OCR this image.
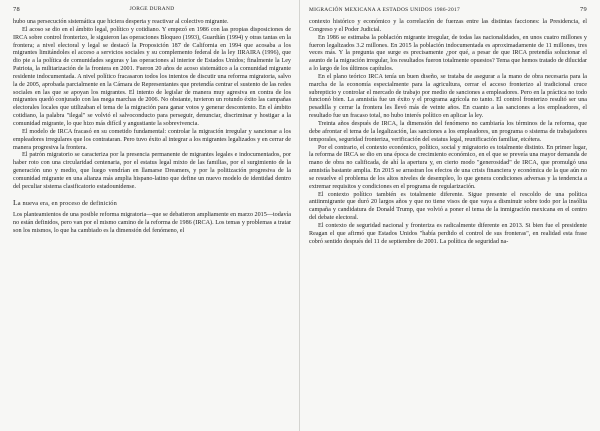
78	JORGE DURAND

hubo una persecución sistemática que hiciera desperta y reactivar al colectivo migrante.

El acoso se dio en el ámbito legal, político y cotidiano. Y empezó en 1986 con las propias disposiciones de IRCA sobre control fronterizo, le siguieron las operaciones Bloqueo (1993), Guardián (1994) y otras tantas en la frontera; a nivel electoral y legal se destacó la Proposición 187 de California en 1994 que acosaba a los migrantes limitándoles el acceso a servicios sociales y su complemento federal de la ley IIRAIRA (1996), que dio pie a la política de comunidades seguras y las operaciones al interior de Estados Unidos; finalmente la Ley Patriota, la militarización de la frontera en 2001. Fueron 20 años de acoso sistemático a la comunidad migrante residente indocumentada. A nivel político fracasaron todos los intentos de discutir una reforma migratoria, salvo la de 2005, aprobada parcialmente en la Cámara de Representantes que pretendía centrar el sustento de las redes sociales en las que se apoyan los migrantes. El intento de legislar de manera muy agresiva en contra de los migrantes quedó conjurado con las mega marchas de 2006. No obstante, tuvieron un rotundo éxito las campañas electorales locales que utilizaban el tema de la migración para ganar votos y generar descontento. En el ámbito cotidiano, la palabra "ilegal" se volvió el salvoconducto para perseguir, denunciar, discriminar y hostigar a la comunidad migrante, lo que hizo más difícil y angustiante la sobrevivencia.

El modelo de IRCA fracasó en su cometido fundamental: controlar la migración irregular y sancionar a los empleadores irregulares que los contrataran. Pero tuvo éxito al integrar a los migrantes legalizados y en cerrar de manera progresiva la frontera.

El patrón migratorio se caracteriza por la presencia permanente de migrantes legales e indocumentados, por haber roto con una circularidad centenaria, por el estatus legal mixto de las familias, por el surgimiento de la generación uno y medio, que luego vendrían en llamarse Dreamers, y por la politización progresiva de la comunidad migrante en una alianza más amplia hispano-latino que define un nuevo modelo de identidad dentro del peculiar sistema clasificatorio estadounidense.

La nueva era, en proceso de definición

Los planteamientos de una posible reforma migratoria—que se debatieron ampliamente en marzo 2015—todavía no están definidos, pero van por el mismo camino de la reforma de 1986 (IRCA). Los temas y problemas a tratar son los mismos, lo que ha cambiado es la dimensión del fenómeno, el

MIGRACIÓN MEXICANA A ESTADOS UNIDOS 1986-2017	79

contexto histórico y económico y la correlación de fuerzas entre las distintas facciones: la Presidencia, el Congreso y el Poder Judicial.

En 1986 se estimaba la población migrante irregular, de todas las nacionalidades, en unos cuatro millones y fueron legalizados 3.2 millones. En 2015 la población indocumentada es aproximadamente de 11 millones, tres veces más. Y la pregunta que surge es precisamente ¿por qué, a pesar de que IRCA pretendía solucionar el asunto de la migración irregular, los resultados fueron totalmente opuestos? Tema que hemos tratado de dilucidar a lo largo de los últimos capítulos.

En el plano teórico IRCA tenía un buen diseño, se trataba de asegurar a la mano de obra necesaria para la marcha de la economía especialmente para la agricultura, cerrar el acceso fronterizo al tradicional cruce subrepticio y controlar el mercado de trabajo por medio de sanciones a empleadores. Pero en la práctica no todo funcionó bien. La amnistía fue un éxito y el programa agrícola no tanto. El control fronterizo resultó ser una pesadilla y cerrar la frontera les llevó más de veinte años. En cuanto a las sanciones a los empleadores, el resultado fue un fracaso total, no hubo interés político en aplicar la ley.

Treinta años después de IRCA, la dimensión del fenómeno no cambiaría los términos de la reforma, que debe afrontar el tema de la legalización, las sanciones a los empleadores, un programa o sistema de trabajadores temporales, seguridad fronteriza, verificación del estatus legal, reunificación familiar, etcétera.

Por el contrario, el contexto económico, político, social y migratorio es totalmente distinto. En primer lugar, la reforma de IRCA se dio en una época de crecimiento económico, en el que se preveía una mayor demanda de mano de obra no calificada, de ahí la apertura y, en cierto modo "generosidad" de IRCA, que promulgó una amnistía bastante amplia. En 2015 se arrastran los efectos de una crisis financiera y económica de la que aún no se resuelve el problema de los altos niveles de desempleo, lo que genera condiciones adversas y la tendencia a extremar requisitos y condiciones en el programa de regularización.

El contexto político también es totalmente diferente. Sigue presente el rescoldo de una política antiinmigrante que duró 20 largos años y que no tiene visos de que vaya a disminuir sobre todo por la insólita campaña y candidatura de Donald Trump, que volvió a poner el tema de la inmigración mexicana en el centro del debate electoral.

El contexto de seguridad nacional y fronteriza es radicalmente diferente en 2013. Si bien fue el presidente Reagan el que afirmó que Estados Unidos "había perdido el control de sus fronteras", en realidad esta frase cobró sentido después del 11 de septiembre de 2001. La política de seguridad na-
